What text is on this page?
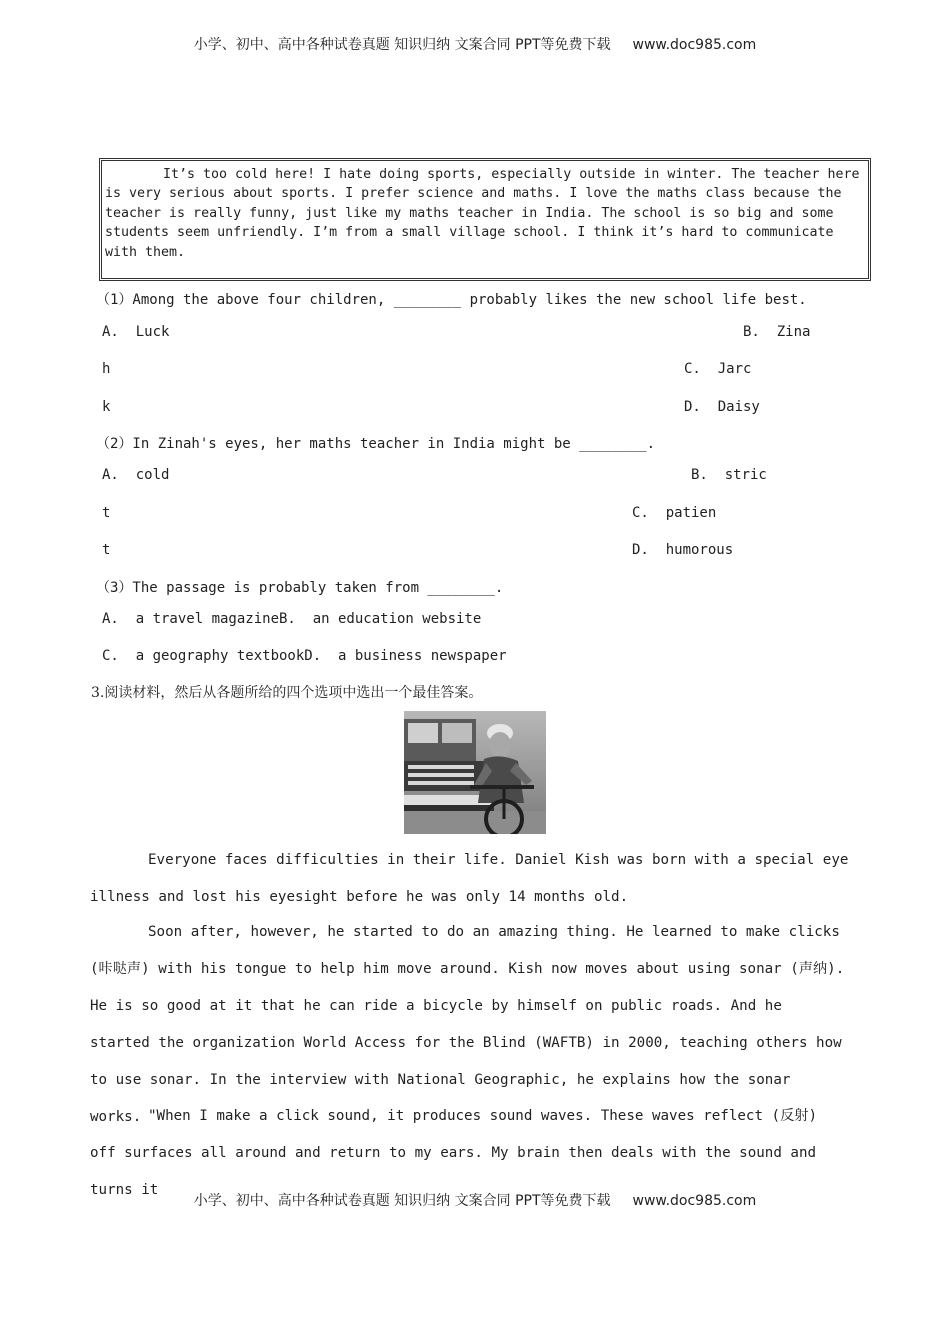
小学、初中、高中各种试卷真题 知识归纳 文案合同 PPT等免费下载 www.doc985.com

It’s too cold here! I hate doing sports, especially outside in winter. The teacher here is very serious about sports. I prefer science and maths. I love the maths class because the teacher is really funny, just like my maths teacher in India. The school is so big and some students seem unfriendly. I’m from a small village school. I think it’s hard to communicate with them.

（1）Among the above four children, ________ probably likes the new school life best.
A.  Luck	B.  Zina
h	C.  Jarc
k	D.  Daisy
（2）In Zinah's eyes, her maths teacher in India might be ________.
A.  cold	B.  stric
t	C.  patien
t	D.  humorous
（3）The passage is probably taken from ________.
A.  a travel magazineB.  an education website
C.  a geography textbookD.  a business newspaper
3.阅读材料，然后从各题所给的四个选项中选出一个最佳答案。
Everyone faces difficulties in their life. Daniel Kish was born with a special eye illness and lost his eyesight before he was only 14 months old.
Soon after, however, he started to do an amazing thing. He learned to make clicks (咔哒声) with his tongue to help him move around. Kish now moves about using sonar (声纳). He is so good at it that he can ride a bicycle by himself on public roads. And he started the organization World Access for the Blind (WAFTB) in 2000, teaching others how to use sonar. In the interview with National Geographic, he explains how the sonar works. "When I make a click sound, it produces sound waves. These waves reflect (反射) off surfaces all around and return to my ears. My brain then deals with the sound and turns it
小学、初中、高中各种试卷真题 知识归纳 文案合同 PPT等免费下载 www.doc985.com
